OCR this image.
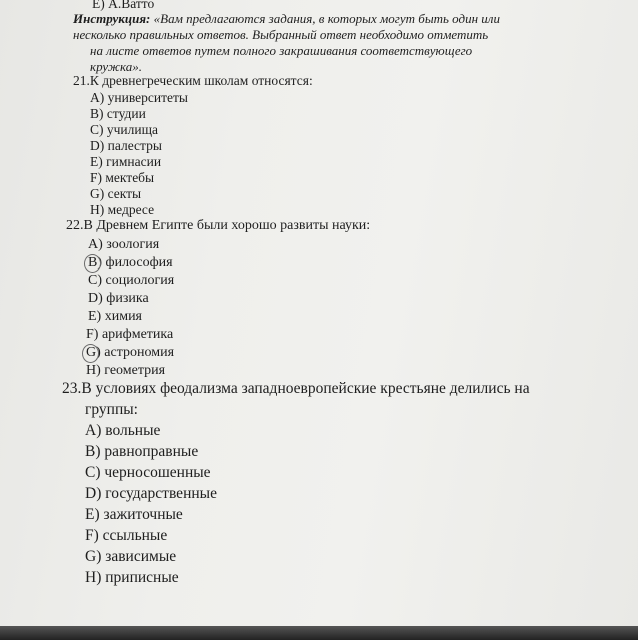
E) А.Ватто
Инструкция: «Вам предлагаются задания, в которых могут быть один или
несколько правильных ответов. Выбранный ответ необходимо отметить
на листе ответов путем полного закрашивания соответствующего
кружка».
21.К древнегреческим школам относятся:
A) университеты
B) студии
C) училища
D) палестры
E) гимнасии
F) мектебы
G) секты
H) медресе
22.В Древнем Египте были хорошо развиты науки:
A) зоология
B) философия
C) социология
D) физика
E) химия
F) арифметика
G) астрономия
H) геометрия
23.В условиях феодализма западноевропейские крестьяне делились на
группы:
A) вольные
B) равноправные
C) черносошенные
D) государственные
E) зажиточные
F) ссыльные
G) зависимые
H) приписные
